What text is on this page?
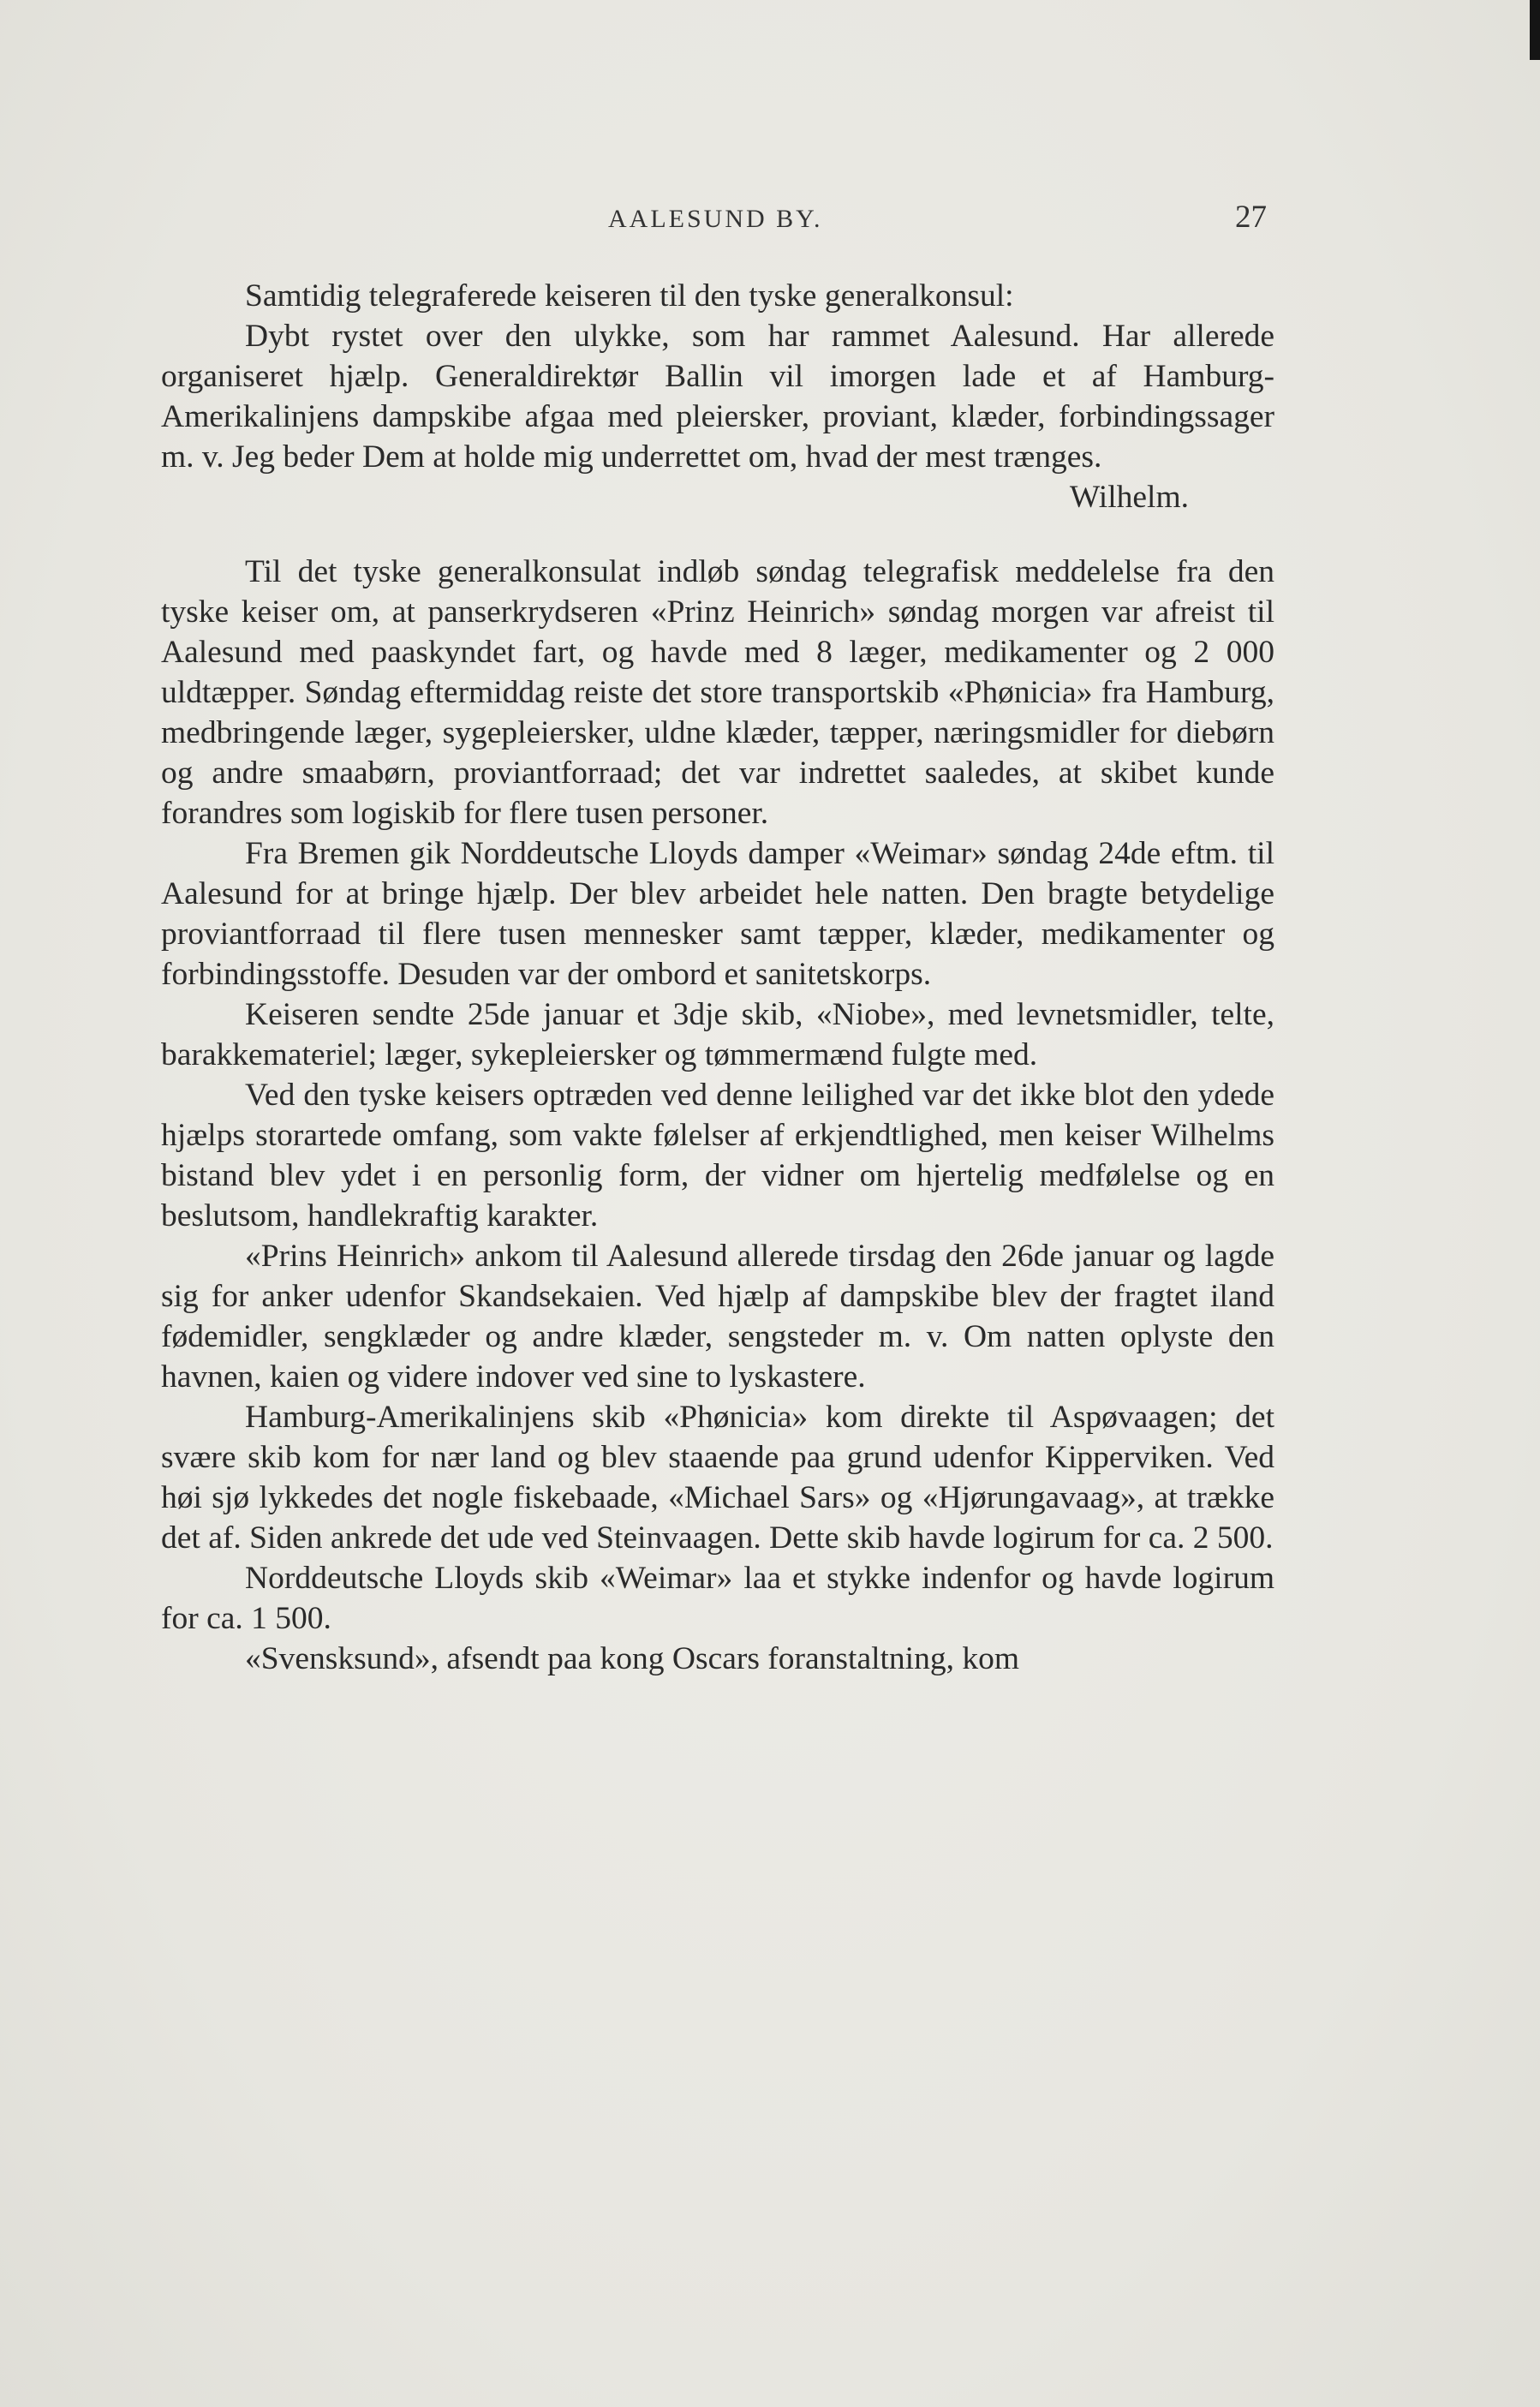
AALESUND BY.	27

Samtidig telegraferede keiseren til den tyske generalkonsul:

Dybt rystet over den ulykke, som har rammet Aalesund. Har allerede organiseret hjælp. Generaldirektør Ballin vil imorgen lade et af Hamburg-Amerikalinjens dampskibe afgaa med pleiersker, proviant, klæder, forbindingssager m. v. Jeg beder Dem at holde mig underrettet om, hvad der mest trænges.

Wilhelm.

Til det tyske generalkonsulat indløb søndag telegrafisk meddelelse fra den tyske keiser om, at panserkrydseren «Prinz Heinrich» søndag morgen var afreist til Aalesund med paaskyndet fart, og havde med 8 læger, medikamenter og 2 000 uldtæpper. Søndag eftermiddag reiste det store transportskib «Phønicia» fra Hamburg, medbringende læger, sygepleiersker, uldne klæder, tæpper, næringsmidler for diebørn og andre smaabørn, proviantforraad; det var indrettet saaledes, at skibet kunde forandres som logiskib for flere tusen personer.

Fra Bremen gik Norddeutsche Lloyds damper «Weimar» søndag 24de eftm. til Aalesund for at bringe hjælp. Der blev arbeidet hele natten. Den bragte betydelige proviantforraad til flere tusen mennesker samt tæpper, klæder, medikamenter og forbindingsstoffe. Desuden var der ombord et sanitetskorps.

Keiseren sendte 25de januar et 3dje skib, «Niobe», med levnetsmidler, telte, barakkemateriel; læger, sykepleiersker og tømmermænd fulgte med.

Ved den tyske keisers optræden ved denne leilighed var det ikke blot den ydede hjælps storartede omfang, som vakte følelser af erkjendtlighed, men keiser Wilhelms bistand blev ydet i en personlig form, der vidner om hjertelig medfølelse og en beslutsom, handlekraftig karakter.

«Prins Heinrich» ankom til Aalesund allerede tirsdag den 26de januar og lagde sig for anker udenfor Skandsekaien. Ved hjælp af dampskibe blev der fragtet iland fødemidler, sengklæder og andre klæder, sengsteder m. v. Om natten oplyste den havnen, kaien og videre indover ved sine to lyskastere.

Hamburg-Amerikalinjens skib «Phønicia» kom direkte til Aspøvaagen; det svære skib kom for nær land og blev staaende paa grund udenfor Kipperviken. Ved høi sjø lykkedes det nogle fiskebaade, «Michael Sars» og «Hjørungavaag», at trække det af. Siden ankrede det ude ved Steinvaagen. Dette skib havde logirum for ca. 2 500.

Norddeutsche Lloyds skib «Weimar» laa et stykke indenfor og havde logirum for ca. 1 500.

«Svensksund», afsendt paa kong Oscars foranstaltning, kom
